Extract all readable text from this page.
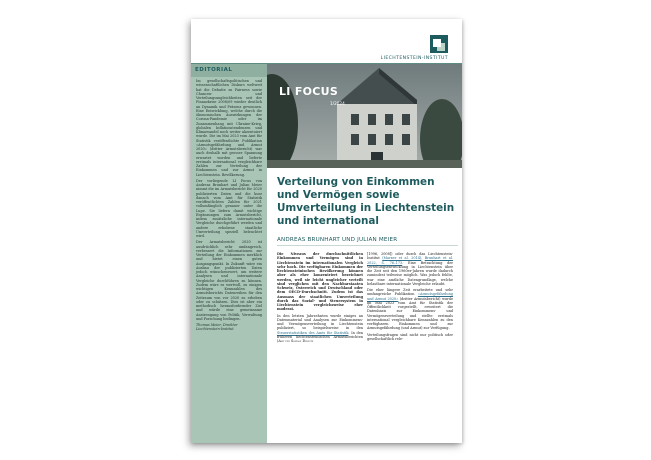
LIECHTENSTEIN-INSTITUT
EDITORIAL

Im gesellschaftspolitischen und wissenschaftlichen Diskurs weltweit hat die Debatte zu Fairness sowie Chancen- und Verteilungsungleichheiten seit der Finanzkrise 2008/09 wieder deutlich an Dynamik und Präsenz gewonnen. Eine Entwicklung, welche durch die ökonomischen Auswirkungen der Corona-Pandemie oder im Zusammenhang mit Ukraine-Krieg, globalen Inflationstendenzen und Klimawandel noch weiter akzentuiert wurde. Die im Mai 2023 vom Amt für Statistik veröffentlichte Publikation «Armutsgefährdung und Armut 2020» (dritter Armutsbericht) war auch deshalb mit grosser Spannung erwartet worden und lieferte erstmals international vergleichbare Zahlen zur Verteilung der Einkommen und zur Armut in Liechtenstein. Bevölkerung.

Der vorliegende LI Focus von Andreas Brunhart und Julian Meier nimmt die im Armutsbericht für 2020 publizierten Daten und die kurz danach vom Amt für Statistik veröffentlichten Zahlen für 2021 vollumfänglich genauer unter die Lupe. Sie liefern damit wichtige Ergänzungen zum Armutsbericht, indem zusätzliche internationale Vergleiche durchgeführt werden und andere erhobene staatliche Umverteilung speziell beleuchtet wird.

Der Armutsbericht 2020 ist ausdrücklich sehr umfangreich, verbessert die Informationen zur Verteilung der Einkommen merklich und bietet einen guten Ausgangspunkt. In Zukunft wäre ein Ausbau der publizierten Daten jedoch wünschenswert, um weitere Analysen und internationale Vergleiche durchführen zu können. Zudem wäre es wertvoll, zu einigen wichtigen Kennzahlen des Armutsberichts Datenreihen für den Zeitraum von vor 2020 zu erheben oder zu schätzen. Dies ist aber ein methodisch herausfordernder Ziel und würde eine gemeinsame Anstrengung von Politik, Verwaltung und Forschung bedingen.

Thomas Meier, Direktor
Liechtenstein-Institut
LI FOCUS
1/2024
Verteilung von Einkommen und Vermögen sowie Umverteilung in Liechtenstein und international
ANDREAS BRUNHART UND JULIAN MEIER

Die Niveaus der durchschnittlichen Einkommen und Vermögen sind in Liechtenstein im internationalen Vergleich sehr hoch. Die verfügbaren Einkommen der liechtensteinischen Bevölkerung können aber als eher konzentriert bezeichnet werden, weil sie leicht ungleicher verteilt sind verglichen mit den Nachbarstaaten Schweiz, Österreich und Deutschland oder dem OECD-Durchschnitt. Zudem ist das Ausmass der staatlichen Umverteilung durch das Sozial- und Steuersystem in Liechtenstein vergleichsweise eher moderat.

In den letzten Jahrzehnten wurde einiges an Datenmaterial und Analysen zur Einkommens- und Vermögensverteilung in Liechtenstein publiziert, so beispielsweise in den Steuerstatistiken des Amts für Statistik. In den früheren liechtensteinischen Armutsberichten (Amt für Soziale Dienste

[1996, 2008]) oder durch das Liechtenstein-Institut (Marxer et al. 2014), Brunhart et al. 2022, S. 76–173. Eine Betrachtung der Verteilungsentwicklung in Liechtenstein über die Zeit seit den 1960er-Jahren wurde dadurch zumindest teilweise möglich. Was jedoch fehlte, war eine amtliche Datengrundlage, welche belastbare internationale Vergleiche erlaubt.

Die eher längere Zeit erarbeitete und sehr umfangreiche Publikation «Armutsgefährdung und Armut 2020» (dritter Armutsbericht) wurde im Mai 2023 vom Amt für Statistik der Öffentlichkeit vorgestellt, erweitert die Datenbasis zur Einkommens- und Vermögensverteilung und stellte erstmals international vergleichbare Kennzahlen zu den verfügbaren Einkommen und zur Armutsgefährdung (und Armut) zur Verfügung.

Verteilungsfragen sind nicht nur politisch oder gesellschaftlich rele-
